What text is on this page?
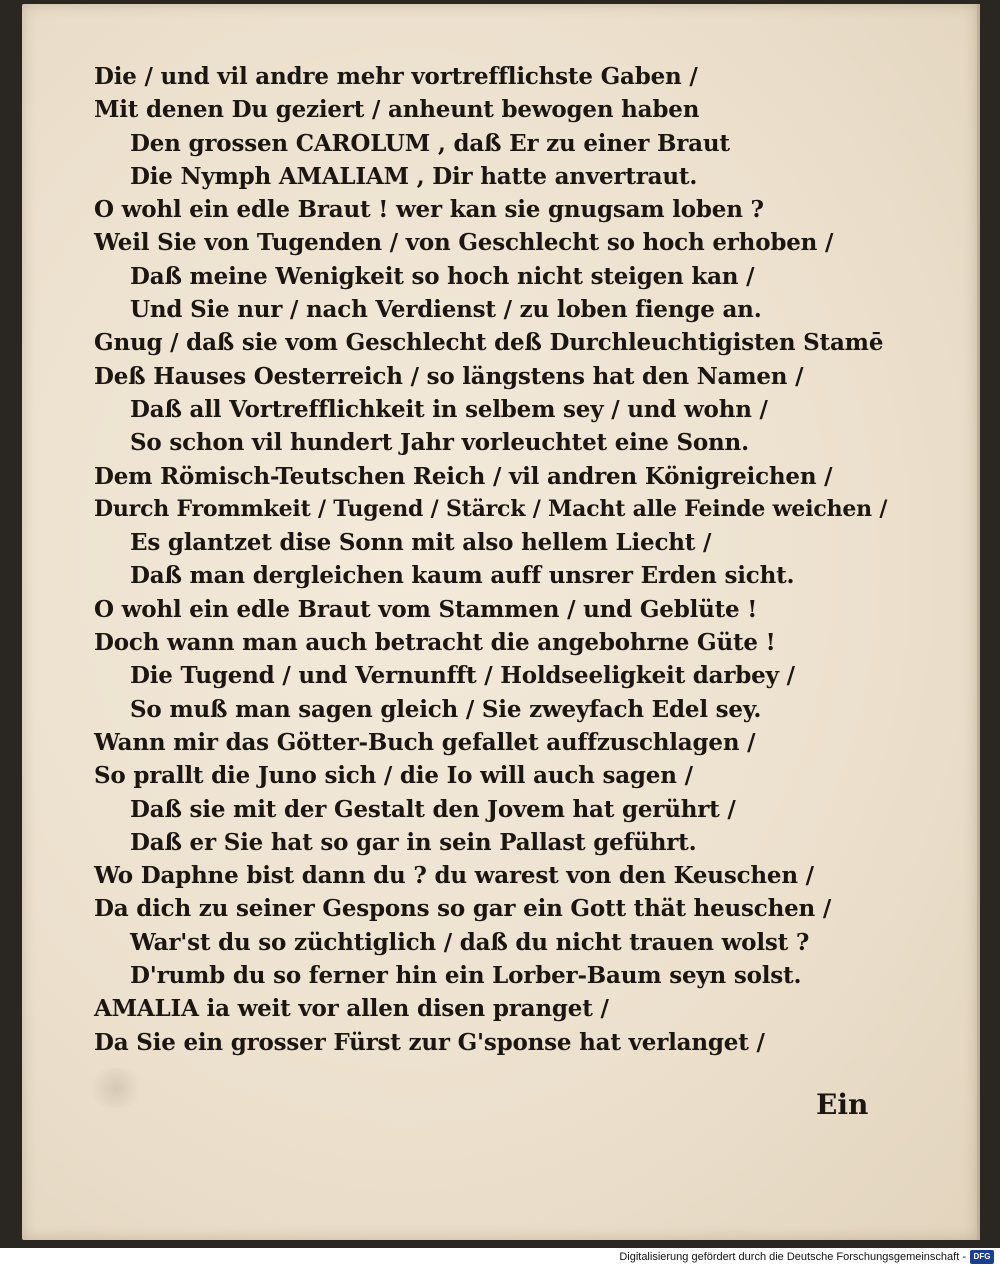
Die / und vil andre mehr vortrefflichste Gaben /
Mit denen Du geziert / anheunt bewogen haben
Den grossen CAROLUM , daß Er zu einer Braut
Die Nymph AMALIAM , Dir hatte anvertraut.
O wohl ein edle Braut ! wer kan sie gnugsam loben ?
Weil Sie von Tugenden / von Geschlecht so hoch erhoben /
Daß meine Wenigkeit so hoch nicht steigen kan /
Und Sie nur / nach Verdienst / zu loben fienge an.
Gnug / daß sie vom Geschlecht deß Durchleuchtigisten Stamē
Deß Hauses Oesterreich / so längstens hat den Namen /
Daß all Vortrefflichkeit in selbem sey / und wohn /
So schon vil hundert Jahr vorleuchtet eine Sonn.
Dem Römisch-Teutschen Reich / vil andren Königreichen /
Durch Frommkeit / Tugend / Stärck / Macht alle Feinde weichen /
Es glantzet dise Sonn mit also hellem Liecht /
Daß man dergleichen kaum auff unsrer Erden sicht.
O wohl ein edle Braut vom Stammen / und Geblüte !
Doch wann man auch betracht die angebohrne Güte !
Die Tugend / und Vernunfft / Holdseeligkeit darbey /
So muß man sagen gleich / Sie zweyfach Edel sey.
Wann mir das Götter-Buch gefallet auffzuschlagen /
So prallt die Juno sich / die Io will auch sagen /
Daß sie mit der Gestalt den Jovem hat gerührt /
Daß er Sie hat so gar in sein Pallast geführt.
Wo Daphne bist dann du ? du warest von den Keuschen /
Da dich zu seiner Gespons so gar ein Gott thät heuschen /
War'st du so züchtiglich / daß du nicht trauen wolst ?
D'rumb du so ferner hin ein Lorber-Baum seyn solst.
AMALIA ia weit vor allen disen pranget /
Da Sie ein grosser Fürst zur G'sponse hat verlanget /
Ein
Digitalisierung gefördert durch die Deutsche Forschungsgemeinschaft - DFG
